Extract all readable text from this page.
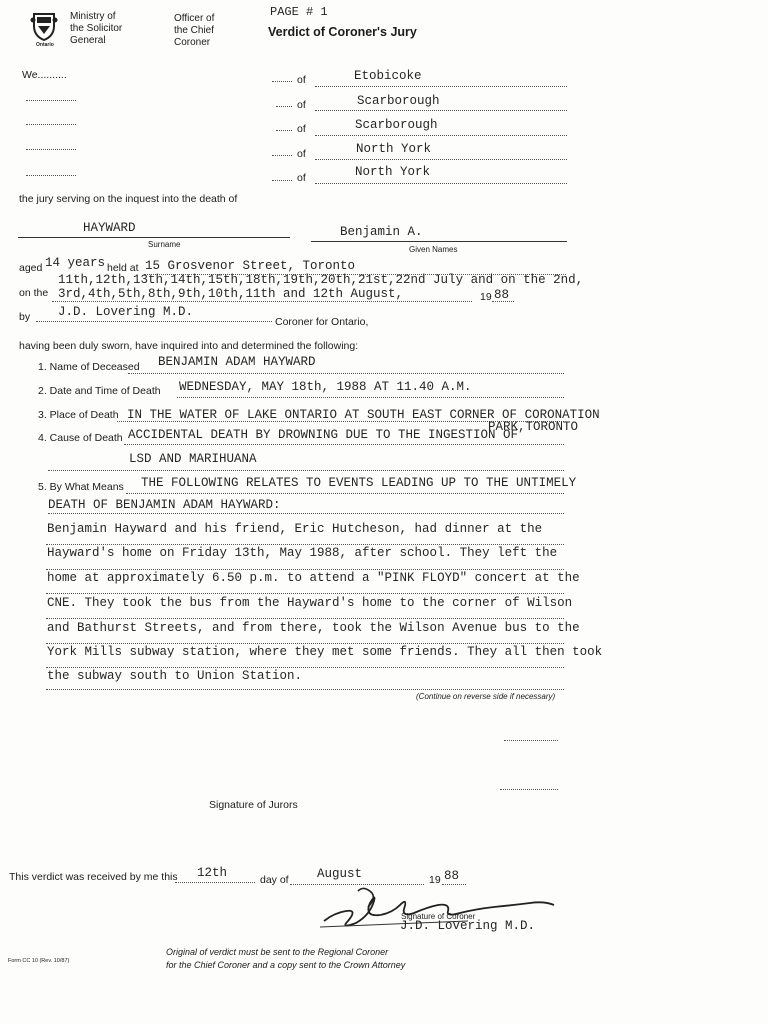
Ontario
Ministry of
the Solicitor
General
Officer of
the Chief
Coroner
PAGE # 1
Verdict of Coroner's Jury
We..........	of	Etobicoke
of	Scarborough
of	Scarborough
of	North York
of	North York
the jury serving on the inquest into the death of
HAYWARD
Surname
Benjamin A.
Given Names
aged 14 years held at 15 Grosvenor Street, Toronto
11th,12th,13th,14th,15th,18th,19th,20th,21st,22nd July and on the 2nd,
on the 3rd,4th,5th,8th,9th,10th,11th and 12th August,	19 88
by J.D. Lovering M.D.
Coroner for Ontario,
having been duly sworn, have inquired into and determined the following:
1. Name of Deceased BENJAMIN ADAM HAYWARD
2. Date and Time of Death WEDNESDAY, MAY 18th, 1988 AT 11.40 A.M.
3. Place of Death IN THE WATER OF LAKE ONTARIO AT SOUTH EAST CORNER OF CORONATION
PARK,TORONTO
4. Cause of Death ACCIDENTAL DEATH BY DROWNING DUE TO THE INGESTION OF
LSD AND MARIHUANA
5. By What Means THE FOLLOWING RELATES TO EVENTS LEADING UP TO THE UNTIMELY
DEATH OF BENJAMIN ADAM HAYWARD:
Benjamin Hayward and his friend, Eric Hutcheson, had dinner at the
Hayward's home on Friday 13th, May 1988, after school. They left the
home at approximately 6.50 p.m. to attend a "PINK FLOYD" concert at the
CNE. They took the bus from the Hayward's home to the corner of Wilson
and Bathurst Streets, and from there, took the Wilson Avenue bus to the
York Mills subway station, where they met some friends. They all then took
the subway south to Union Station.
(Continue on reverse side if necessary)
Signature of Jurors
This verdict was received by me this 12th	day of August	19 88
Signature of Coroner
J.D. Lovering M.D.
Form CC 10 (Rev. 10/87)
Original of verdict must be sent to the Regional Coroner
for the Chief Coroner and a copy sent to the Crown Attorney
